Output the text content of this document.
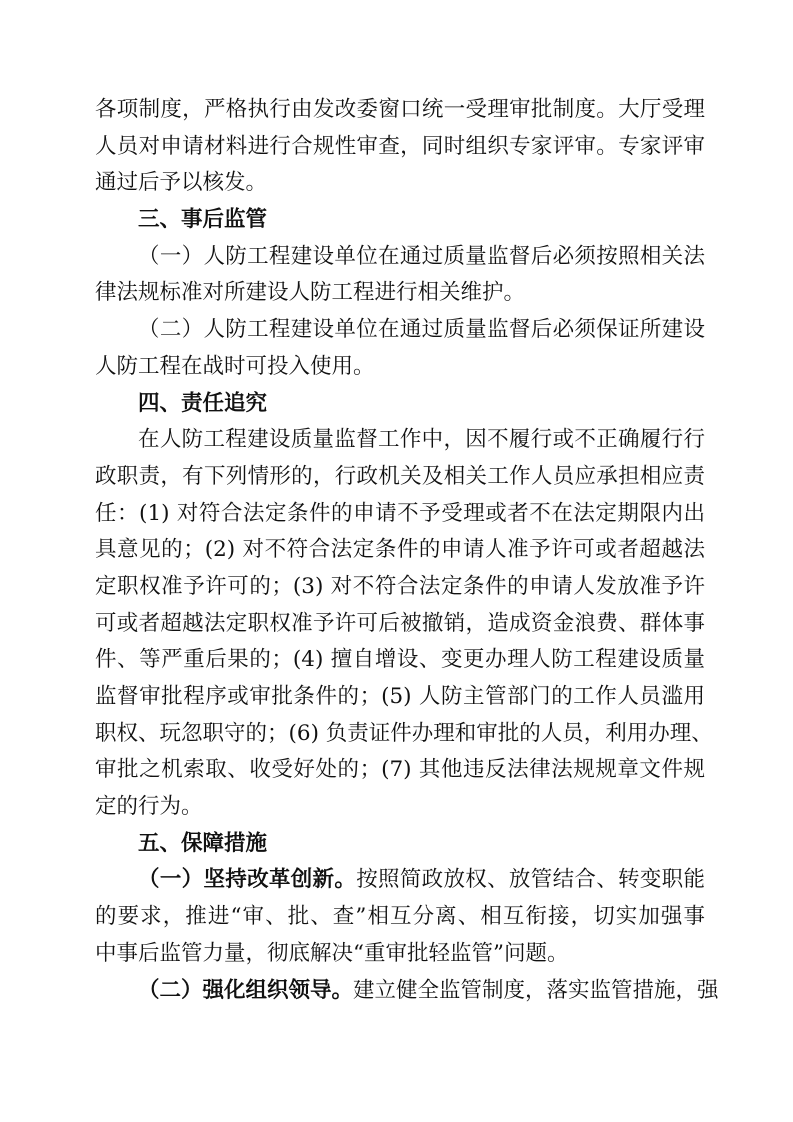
各项制度，严格执行由发改委窗口统一受理审批制度。大厅受理
人员对申请材料进行合规性审查，同时组织专家评审。专家评审
通过后予以核发。
三、事后监管
（一）人防工程建设单位在通过质量监督后必须按照相关法
律法规标准对所建设人防工程进行相关维护。
（二）人防工程建设单位在通过质量监督后必须保证所建设
人防工程在战时可投入使用。
四、责任追究
在人防工程建设质量监督工作中，因不履行或不正确履行行
政职责，有下列情形的，行政机关及相关工作人员应承担相应责
任：(1) 对符合法定条件的申请不予受理或者不在法定期限内出
具意见的；(2) 对不符合法定条件的申请人准予许可或者超越法
定职权准予许可的；(3) 对不符合法定条件的申请人发放准予许
可或者超越法定职权准予许可后被撤销，造成资金浪费、群体事
件、等严重后果的；(4) 擅自增设、变更办理人防工程建设质量
监督审批程序或审批条件的；(5) 人防主管部门的工作人员滥用
职权、玩忽职守的；(6) 负责证件办理和审批的人员，利用办理、
审批之机索取、收受好处的；(7) 其他违反法律法规规章文件规
定的行为。
五、保障措施
（一）坚持改革创新。按照简政放权、放管结合、转变职能
的要求，推进“审、批、查”相互分离、相互衔接，切实加强事
中事后监管力量，彻底解决“重审批轻监管”问题。
（二）强化组织领导。建立健全监管制度，落实监管措施，强
